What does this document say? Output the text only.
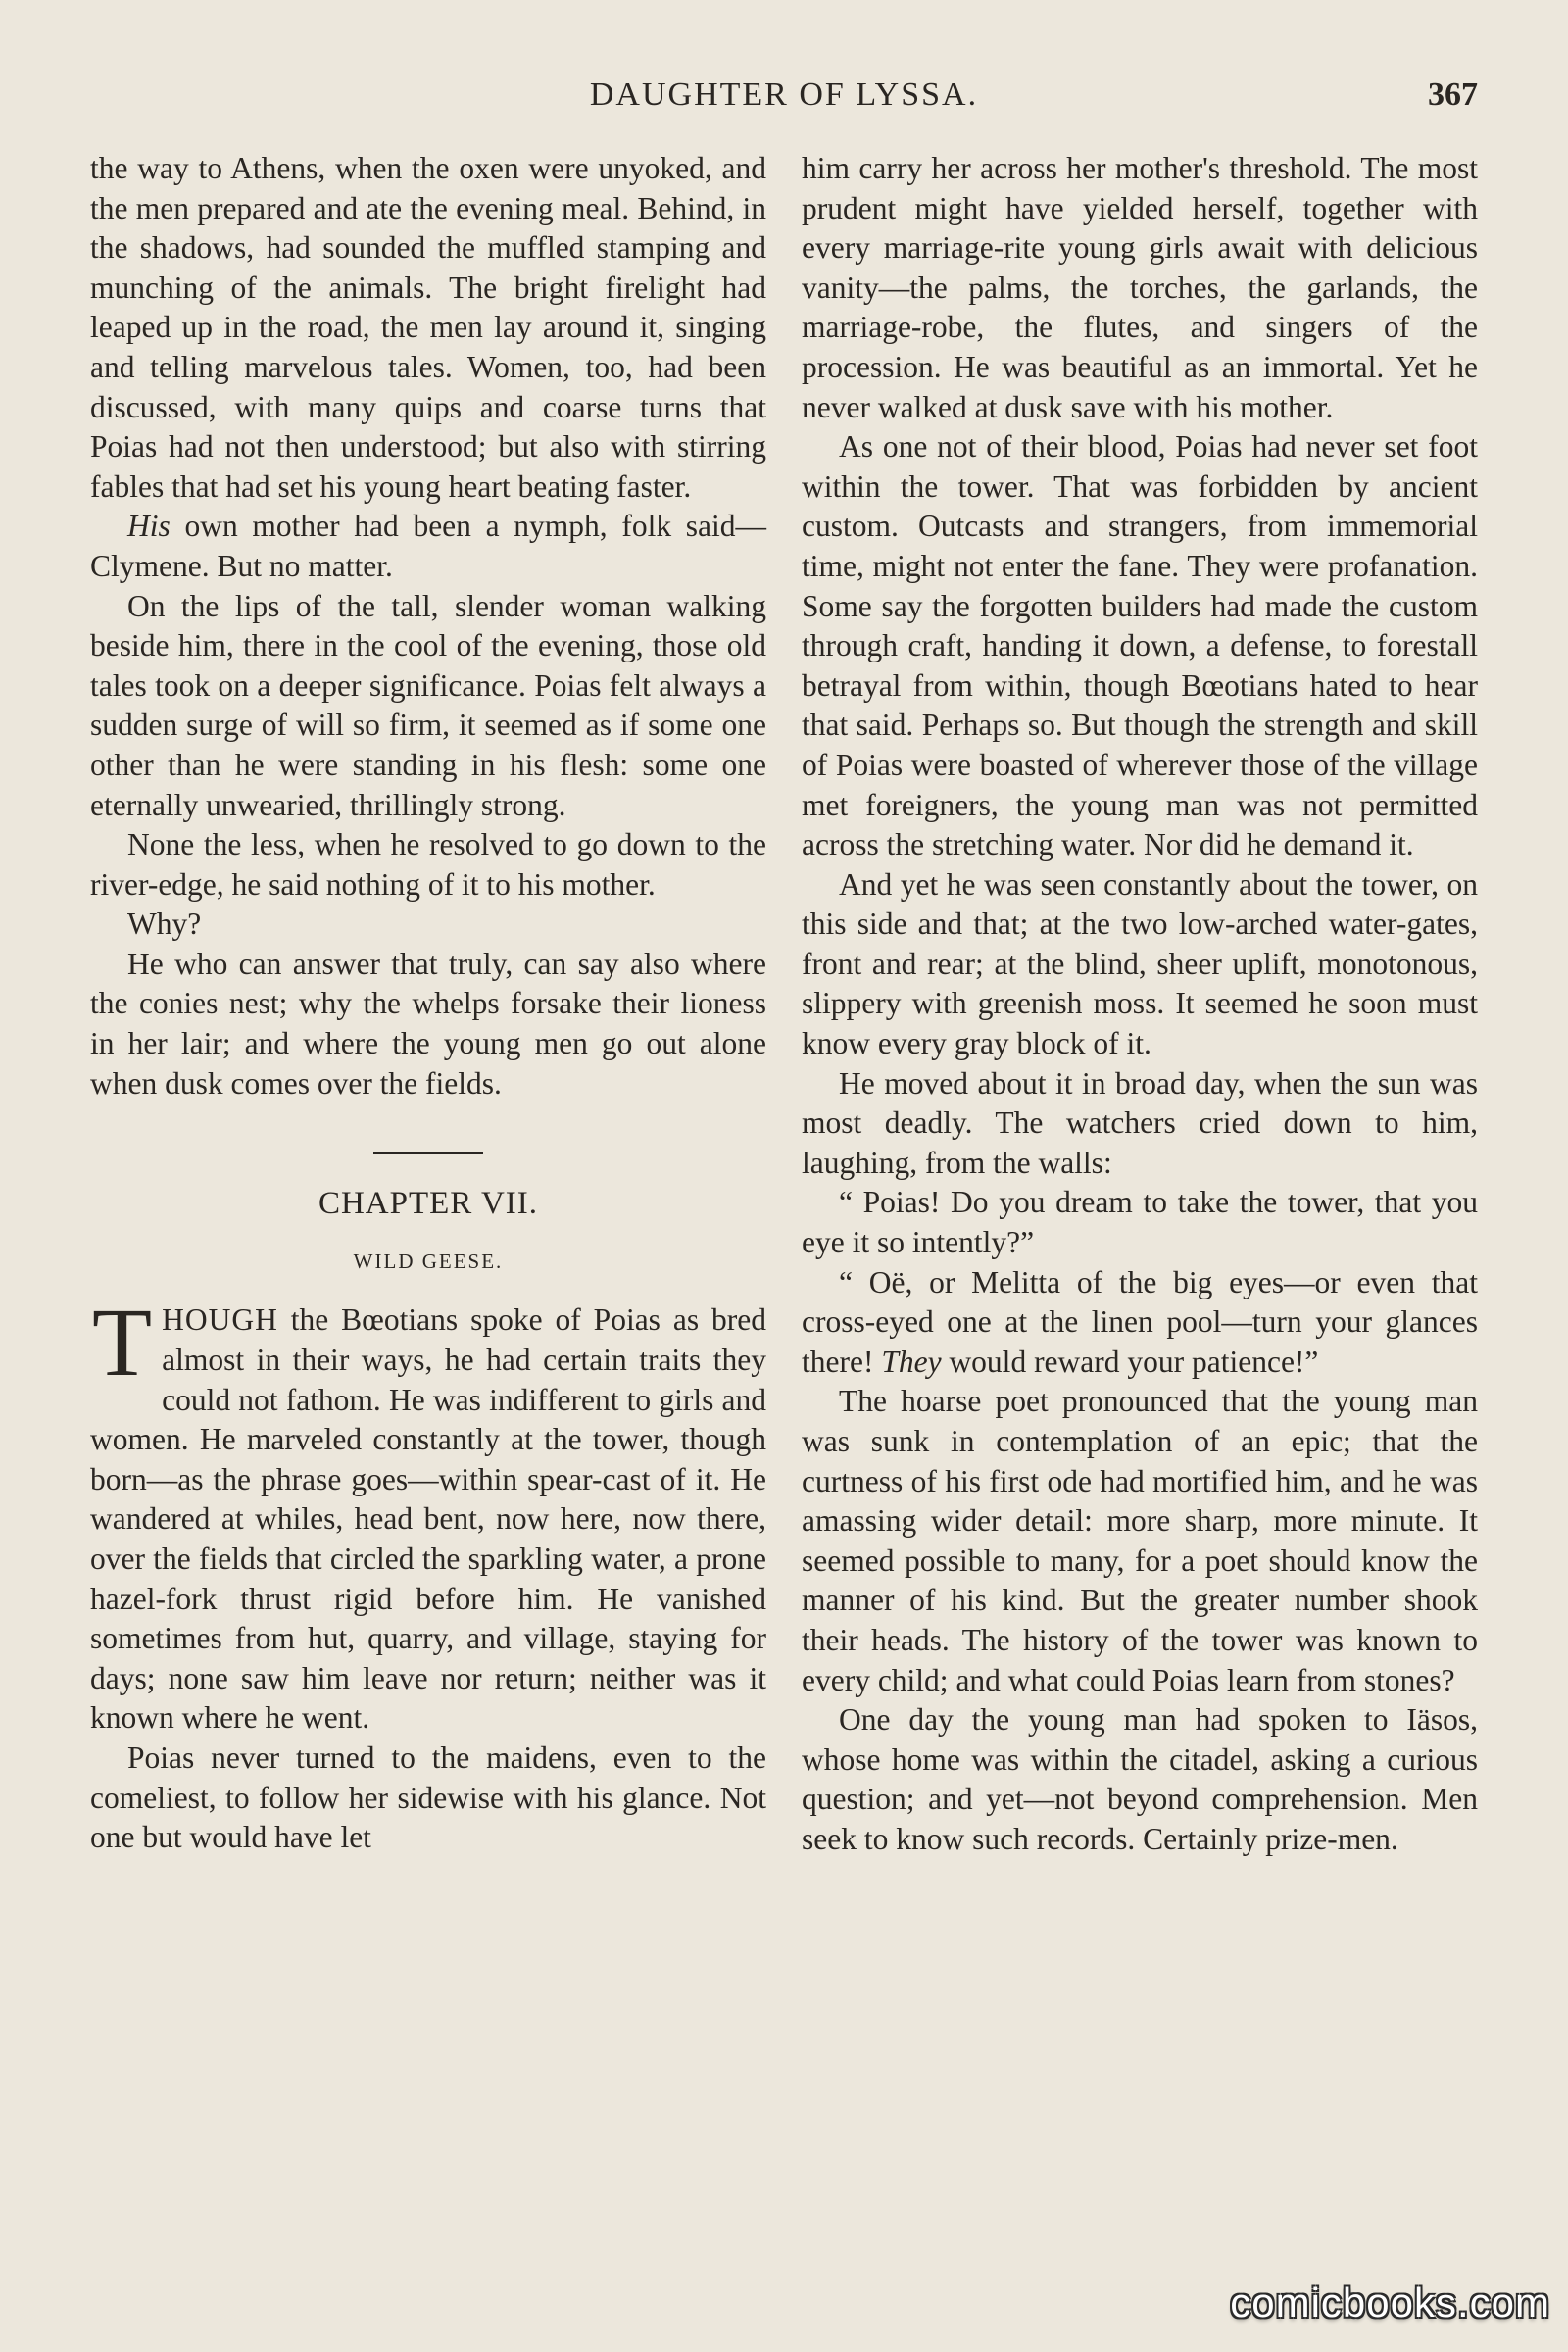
DAUGHTER OF LYSSA.	367

the way to Athens, when the oxen were unyoked, and the men prepared and ate the evening meal. Behind, in the shadows, had sounded the muffled stamping and munching of the animals. The bright firelight had leaped up in the road, the men lay around it, singing and telling marvelous tales. Women, too, had been discussed, with many quips and coarse turns that Poias had not then understood; but also with stirring fables that had set his young heart beating faster.

His own mother had been a nymph, folk said—Clymene. But no matter.

On the lips of the tall, slender woman walking beside him, there in the cool of the evening, those old tales took on a deeper significance. Poias felt always a sudden surge of will so firm, it seemed as if some one other than he were standing in his flesh: some one eternally unwearied, thrillingly strong.

None the less, when he resolved to go down to the river-edge, he said nothing of it to his mother.

Why?

He who can answer that truly, can say also where the conies nest; why the whelps forsake their lioness in her lair; and where the young men go out alone when dusk comes over the fields.

CHAPTER VII.
WILD GEESE.

THOUGH the Bœotians spoke of Poias as bred almost in their ways, he had certain traits they could not fathom. He was indifferent to girls and women. He marveled constantly at the tower, though born—as the phrase goes—within spear-cast of it. He wandered at whiles, head bent, now here, now there, over the fields that circled the sparkling water, a prone hazel-fork thrust rigid before him. He vanished sometimes from hut, quarry, and village, staying for days; none saw him leave nor return; neither was it known where he went.

Poias never turned to the maidens, even to the comeliest, to follow her sidewise with his glance. Not one but would have let

him carry her across her mother's threshold. The most prudent might have yielded herself, together with every marriage-rite young girls await with delicious vanity—the palms, the torches, the garlands, the marriage-robe, the flutes, and singers of the procession. He was beautiful as an immortal. Yet he never walked at dusk save with his mother.

As one not of their blood, Poias had never set foot within the tower. That was forbidden by ancient custom. Outcasts and strangers, from immemorial time, might not enter the fane. They were profanation. Some say the forgotten builders had made the custom through craft, handing it down, a defense, to forestall betrayal from within, though Bœotians hated to hear that said. Perhaps so. But though the strength and skill of Poias were boasted of wherever those of the village met foreigners, the young man was not permitted across the stretching water. Nor did he demand it.

And yet he was seen constantly about the tower, on this side and that; at the two low-arched water-gates, front and rear; at the blind, sheer uplift, monotonous, slippery with greenish moss. It seemed he soon must know every gray block of it.

He moved about it in broad day, when the sun was most deadly. The watchers cried down to him, laughing, from the walls:

“ Poias! Do you dream to take the tower, that you eye it so intently?”

“ Oë, or Melitta of the big eyes—or even that cross-eyed one at the linen pool—turn your glances there! They would reward your patience!”

The hoarse poet pronounced that the young man was sunk in contemplation of an epic; that the curtness of his first ode had mortified him, and he was amassing wider detail: more sharp, more minute. It seemed possible to many, for a poet should know the manner of his kind. But the greater number shook their heads. The history of the tower was known to every child; and what could Poias learn from stones?

One day the young man had spoken to Iäsos, whose home was within the citadel, asking a curious question; and yet—not beyond comprehension. Men seek to know such records. Certainly prize-men.

comicbooks.com
